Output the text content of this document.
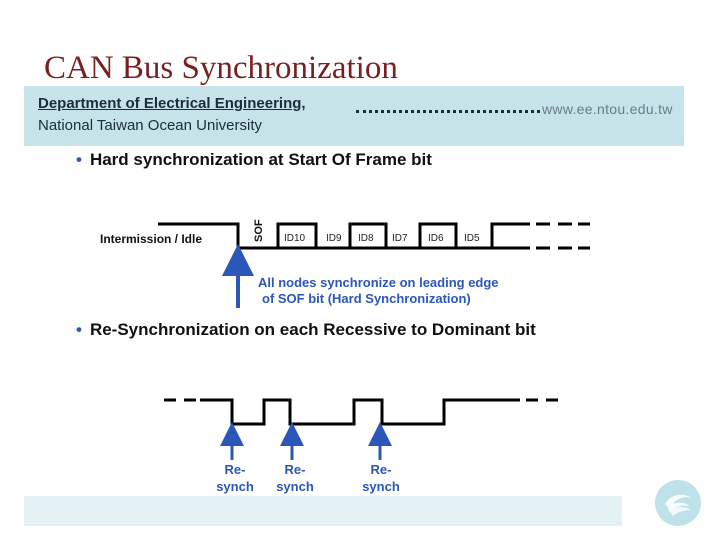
CAN Bus Synchronization
Department of Electrical Engineering,	www.ee.ntou.edu.tw
National Taiwan Ocean University
• Hard synchronization at Start Of Frame bit
• Re-Synchronization on each Recessive to Dominant bit
Intermission / Idle	SOF ID10 ID9 ID8 ID7 ID6 ID5
All nodes synchronize on leading edge
of SOF bit (Hard Synchronization)
Re-
synch
Re-
synch
Re-
synch
